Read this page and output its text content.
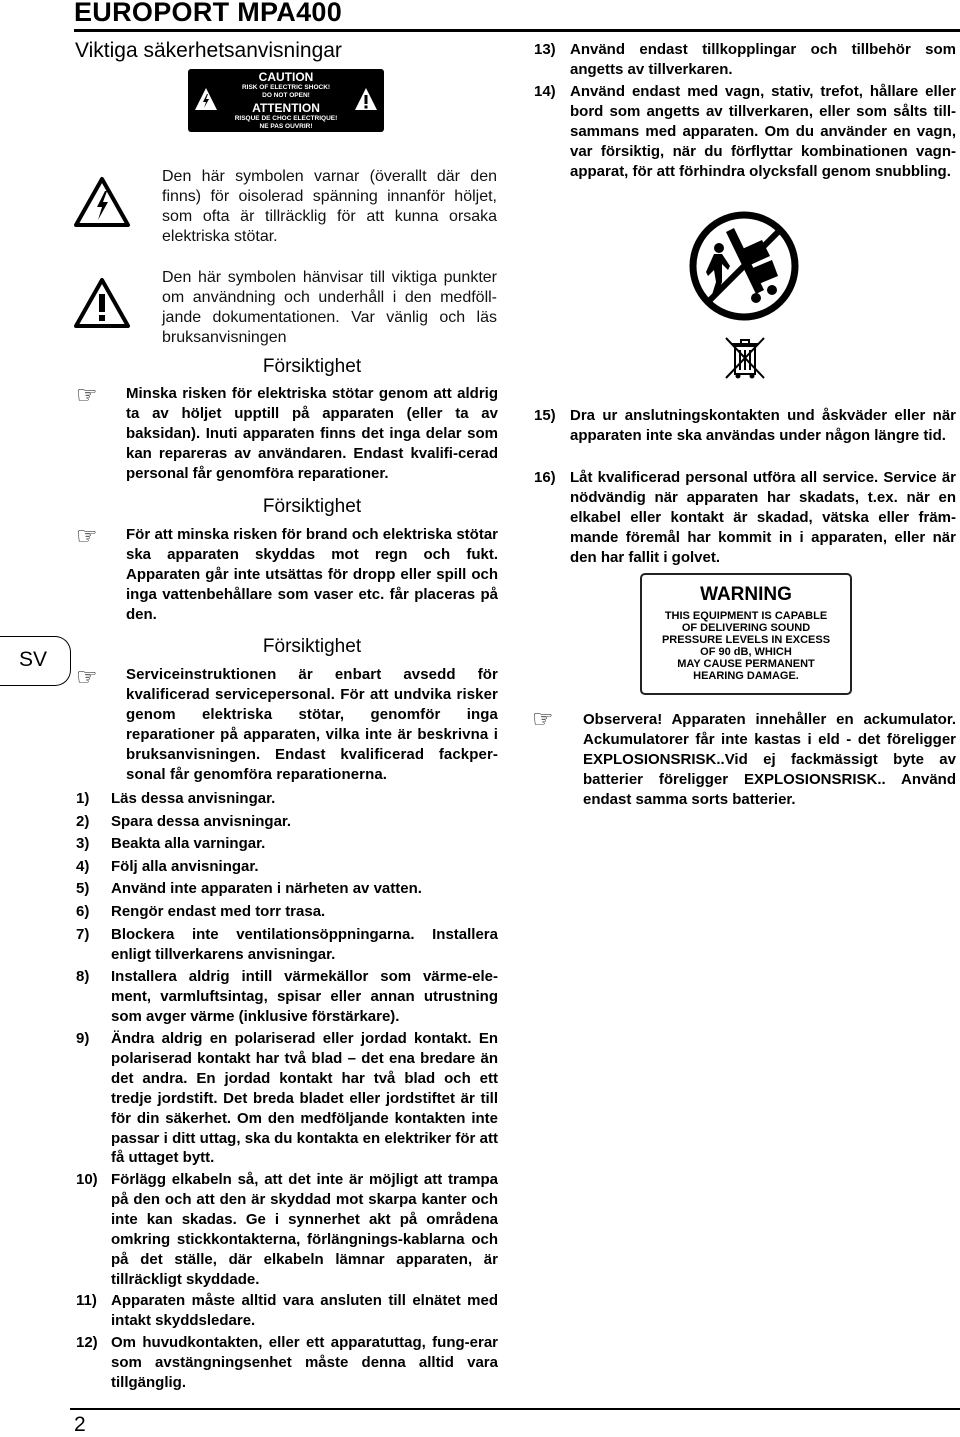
EUROPORT MPA400
Viktiga säkerhetsanvisningar
CAUTION
RISK OF ELECTRIC SHOCK!
DO NOT OPEN!
ATTENTION
RISQUE DE CHOC ELECTRIQUE!
NE PAS OUVRIR!
Den här symbolen varnar (överallt där den finns) för oisolerad spänning innanför höljet, som ofta är tillräcklig för att kunna orsaka elektriska stötar.
Den här symbolen hänvisar till viktiga punkter om användning och underhåll i den medföll-jande dokumentationen. Var vänlig och läs bruksanvisningen
Försiktighet
☞ Minska risken för elektriska stötar genom att aldrig ta av höljet upptill på apparaten (eller ta av baksidan). Inuti apparaten finns det inga delar som kan repareras av användaren. Endast kvalifi-cerad personal får genomföra reparationer.
Försiktighet
☞ För att minska risken för brand och elektriska stötar ska apparaten skyddas mot regn och fukt. Apparaten går inte utsättas för dropp eller spill och inga vattenbehållare som vaser etc. får placeras på den.
Försiktighet
☞ Serviceinstruktionen är enbart avsedd för kvalificerad servicepersonal. För att undvika risker genom elektriska stötar, genomför inga reparationer på apparaten, vilka inte är beskrivna i bruksanvisningen. Endast kvalificerad fackper-sonal får genomföra reparationerna.
1) Läs dessa anvisningar.
2) Spara dessa anvisningar.
3) Beakta alla varningar.
4) Följ alla anvisningar.
5) Använd inte apparaten i närheten av vatten.
6) Rengör endast med torr trasa.
7) Blockera inte ventilationsöppningarna. Installera enligt tillverkarens anvisningar.
8) Installera aldrig intill värmekällor som värme-ele-ment, varmluftsintag, spisar eller annan utrustning som avger värme (inklusive förstärkare).
9) Ändra aldrig en polariserad eller jordad kontakt. En polariserad kontakt har två blad – det ena bredare än det andra. En jordad kontakt har två blad och ett tredje jordstift. Det breda bladet eller jordstiftet är till för din säkerhet. Om den medföljande kontakten inte passar i ditt uttag, ska du kontakta en elektriker för att få uttaget bytt.
10) Förlägg elkabeln så, att det inte är möjligt att trampa på den och att den är skyddad mot skarpa kanter och inte kan skadas. Ge i synnerhet akt på områdena omkring stickkontakterna, förlängnings-kablarna och på det ställe, där elkabeln lämnar apparaten, är tillräckligt skyddade.
11) Apparaten måste alltid vara ansluten till elnätet med intakt skyddsledare.
12) Om huvudkontakten, eller ett apparatuttag, fung-erar som avstängningsenhet måste denna alltid vara tillgänglig.
13) Använd endast tillkopplingar och tillbehör som angetts av tillverkaren.
14) Använd endast med vagn, stativ, trefot, hållare eller bord som angetts av tillverkaren, eller som sålts till-sammans med apparaten. Om du använder en vagn, var försiktig, när du förflyttar kombinationen vagn-apparat, för att förhindra olycksfall genom snubbling.
15) Dra ur anslutningskontakten und åskväder eller när apparaten inte ska användas under någon längre tid.
16) Låt kvalificerad personal utföra all service. Service är nödvändig när apparaten har skadats, t.ex. när en elkabel eller kontakt är skadad, vätska eller främ-mande föremål har kommit in i apparaten, eller när den har fallit i golvet.
WARNING
THIS EQUIPMENT IS CAPABLE
OF DELIVERING SOUND
PRESSURE LEVELS IN EXCESS
OF 90 dB, WHICH
MAY CAUSE PERMANENT
HEARING DAMAGE.
☞ Observera! Apparaten innehåller en ackumulator. Ackumulatorer får inte kastas i eld - det föreligger EXPLOSIONSRISK..Vid ej fackmässigt byte av batterier föreligger EXPLOSIONSRISK.. Använd endast samma sorts batterier.
SV
2
